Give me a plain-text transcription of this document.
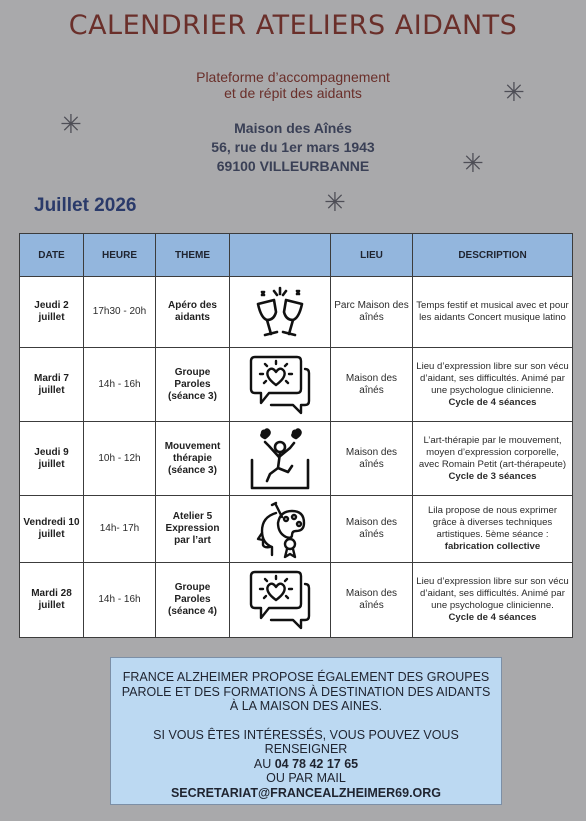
CALENDRIER ATELIERS AIDANTS
Plateforme d’accompagnement
et de répit des aidants
Maison des Aînés
56, rue du 1er mars 1943
69100 VILLEURBANNE
✳
✳
✳
✳
Juillet 2026
DATE	HEURE	THEME		LIEU	DESCRIPTION
Jeudi 2 juillet	17h30 - 20h	Apéro des aidants		Parc Maison des aînés	Temps festif et musical avec et pour les aidants Concert musique latino
Mardi 7 juillet	14h - 16h	Groupe Paroles (séance 3)		Maison des aînés	Lieu d’expression libre sur son vécu d’aidant, ses difficultés. Animé par une psychologue clinicienne.
Cycle de 4 séances
Jeudi 9 juillet	10h - 12h	Mouvement thérapie (séance 3)		Maison des aînés	L’art-thérapie par le mouvement, moyen d’expression corporelle, avec Romain Petit (art-thérapeute)
Cycle de 3 séances
Vendredi 10 juillet	14h- 17h	Atelier 5 Expression par l’art		Maison des aînés	Lila propose de nous exprimer grâce à diverses techniques artistiques. 5ème séance :
fabrication collective
Mardi 28 juillet	14h - 16h	Groupe Paroles (séance 4)		Maison des aînés	Lieu d’expression libre sur son vécu d’aidant, ses difficultés. Animé par une psychologue clinicienne.
Cycle de 4 séances
FRANCE ALZHEIMER PROPOSE ÉGALEMENT DES GROUPES
PAROLE ET DES FORMATIONS À DESTINATION DES AIDANTS
À LA MAISON DES AINES.
SI VOUS ÊTES INTÉRESSÉS, VOUS POUVEZ VOUS RENSEIGNER
AU 04 78 42 17 65
OU PAR MAIL
SECRETARIAT@FRANCEALZHEIMER69.ORG
